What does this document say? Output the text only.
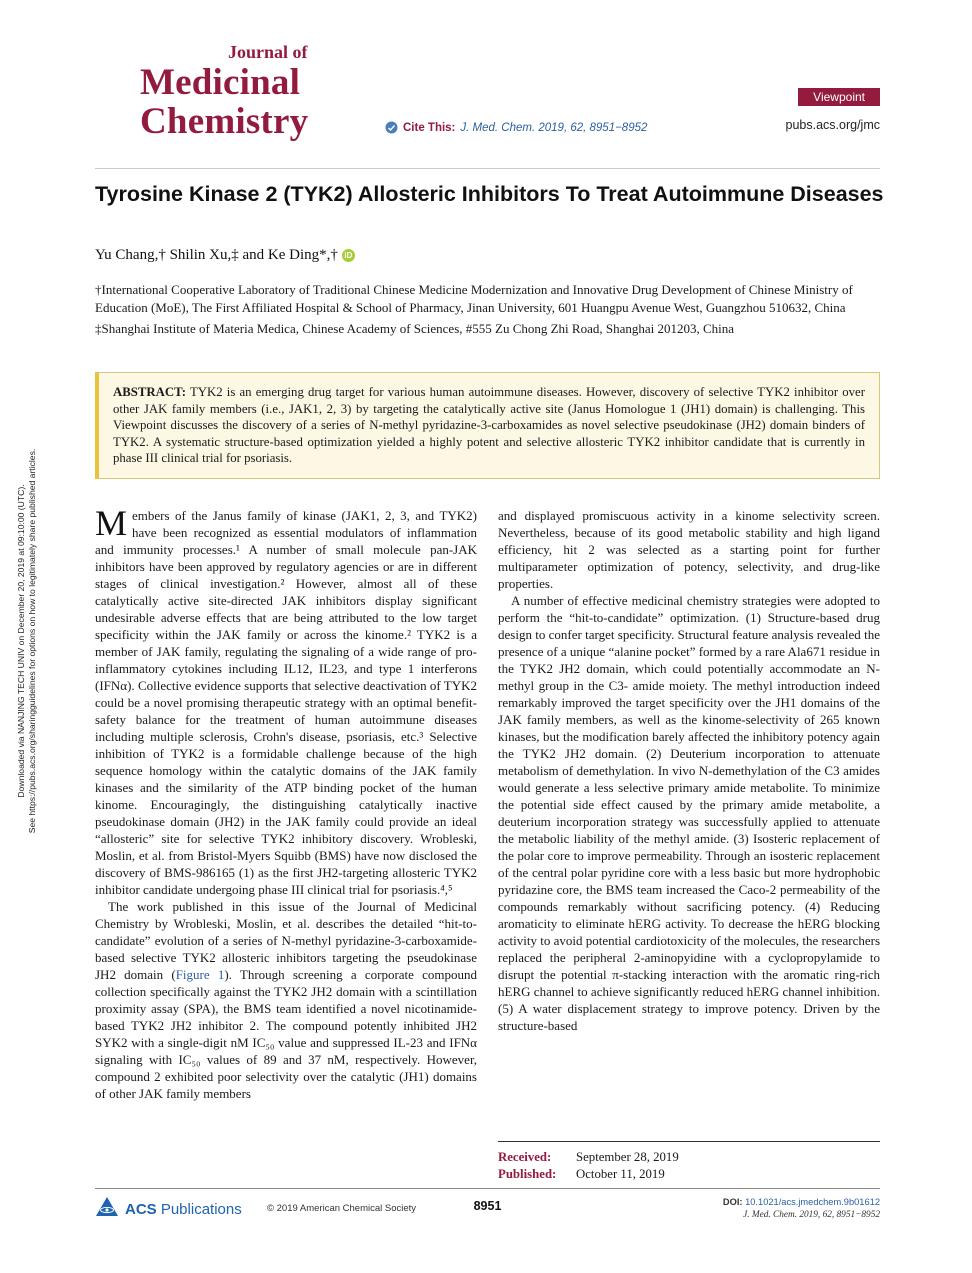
Downloaded via NANJING TECH UNIV on December 20, 2019 at 09:10:00 (UTC). See https://pubs.acs.org/sharingguidelines for options on how to legitimately share published articles.
Journal of
Medicinal
Chemistry	Cite This: J. Med. Chem. 2019, 62, 8951−8952
Viewpoint
pubs.acs.org/jmc
Tyrosine Kinase 2 (TYK2) Allosteric Inhibitors To Treat Autoimmune Diseases
Yu Chang,† Shilin Xu,‡ and Ke Ding*,† iD
†International Cooperative Laboratory of Traditional Chinese Medicine Modernization and Innovative Drug Development of Chinese Ministry of Education (MoE), The First Affiliated Hospital & School of Pharmacy, Jinan University, 601 Huangpu Avenue West, Guangzhou 510632, China
‡Shanghai Institute of Materia Medica, Chinese Academy of Sciences, #555 Zu Chong Zhi Road, Shanghai 201203, China
ABSTRACT: TYK2 is an emerging drug target for various human autoimmune diseases. However, discovery of selective TYK2 inhibitor over other JAK family members (i.e., JAK1, 2, 3) by targeting the catalytically active site (Janus Homologue 1 (JH1) domain) is challenging. This Viewpoint discusses the discovery of a series of N-methyl pyridazine-3-carboxamides as novel selective pseudokinase (JH2) domain binders of TYK2. A systematic structure-based optimization yielded a highly potent and selective allosteric TYK2 inhibitor candidate that is currently in phase III clinical trial for psoriasis.

Members of the Janus family of kinase (JAK1, 2, 3, and TYK2) have been recognized as essential modulators of inflammation and immunity processes.¹ A number of small molecule pan-JAK inhibitors have been approved by regulatory agencies or are in different stages of clinical investigation.² However, almost all of these catalytically active site-directed JAK inhibitors display significant undesirable adverse effects that are being attributed to the low target specificity within the JAK family or across the kinome.² TYK2 is a member of JAK family, regulating the signaling of a wide range of pro-inflammatory cytokines including IL12, IL23, and type 1 interferons (IFNα). Collective evidence supports that selective deactivation of TYK2 could be a novel promising therapeutic strategy with an optimal benefit-safety balance for the treatment of human autoimmune diseases including multiple sclerosis, Crohn's disease, psoriasis, etc.³ Selective inhibition of TYK2 is a formidable challenge because of the high sequence homology within the catalytic domains of the JAK family kinases and the similarity of the ATP binding pocket of the human kinome. Encouragingly, the distinguishing catalytically inactive pseudokinase domain (JH2) in the JAK family could provide an ideal “allosteric” site for selective TYK2 inhibitory discovery. Wrobleski, Moslin, et al. from Bristol-Myers Squibb (BMS) have now disclosed the discovery of BMS-986165 (1) as the first JH2-targeting allosteric TYK2 inhibitor candidate undergoing phase III clinical trial for psoriasis.⁴,⁵

The work published in this issue of the Journal of Medicinal Chemistry by Wrobleski, Moslin, et al. describes the detailed “hit-to-candidate” evolution of a series of N-methyl pyridazine-3-carboxamide-based selective TYK2 allosteric inhibitors targeting the pseudokinase JH2 domain (Figure 1). Through screening a corporate compound collection specifically against the TYK2 JH2 domain with a scintillation proximity assay (SPA), the BMS team identified a novel nicotinamide-based TYK2 JH2 inhibitor 2. The compound potently inhibited JH2 SYK2 with a single-digit nM IC₅₀ value and suppressed IL-23 and IFNα signaling with IC₅₀ values of 89 and 37 nM, respectively. However, compound 2 exhibited poor selectivity over the catalytic (JH1) domains of other JAK family members

and displayed promiscuous activity in a kinome selectivity screen. Nevertheless, because of its good metabolic stability and high ligand efficiency, hit 2 was selected as a starting point for further multiparameter optimization of potency, selectivity, and drug-like properties.

A number of effective medicinal chemistry strategies were adopted to perform the “hit-to-candidate” optimization. (1) Structure-based drug design to confer target specificity. Structural feature analysis revealed the presence of a unique “alanine pocket” formed by a rare Ala671 residue in the TYK2 JH2 domain, which could potentially accommodate an N-methyl group in the C3- amide moiety. The methyl introduction indeed remarkably improved the target specificity over the JH1 domains of the JAK family members, as well as the kinome-selectivity of 265 known kinases, but the modification barely affected the inhibitory potency again the TYK2 JH2 domain. (2) Deuterium incorporation to attenuate metabolism of demethylation. In vivo N-demethylation of the C3 amides would generate a less selective primary amide metabolite. To minimize the potential side effect caused by the primary amide metabolite, a deuterium incorporation strategy was successfully applied to attenuate the metabolic liability of the methyl amide. (3) Isosteric replacement of the polar core to improve permeability. Through an isosteric replacement of the central polar pyridine core with a less basic but more hydrophobic pyridazine core, the BMS team increased the Caco-2 permeability of the compounds remarkably without sacrificing potency. (4) Reducing aromaticity to eliminate hERG activity. To decrease the hERG blocking activity to avoid potential cardiotoxicity of the molecules, the researchers replaced the peripheral 2-aminopyidine with a cyclopropylamide to disrupt the potential π-stacking interaction with the aromatic ring-rich hERG channel to achieve significantly reduced hERG channel inhibition. (5) A water displacement strategy to improve potency. Driven by the structure-based

Received: September 28, 2019
Published: October 11, 2019
ACS Publications	© 2019 American Chemical Society	8951	DOI: 10.1021/acs.jmedchem.9b01612
J. Med. Chem. 2019, 62, 8951−8952
